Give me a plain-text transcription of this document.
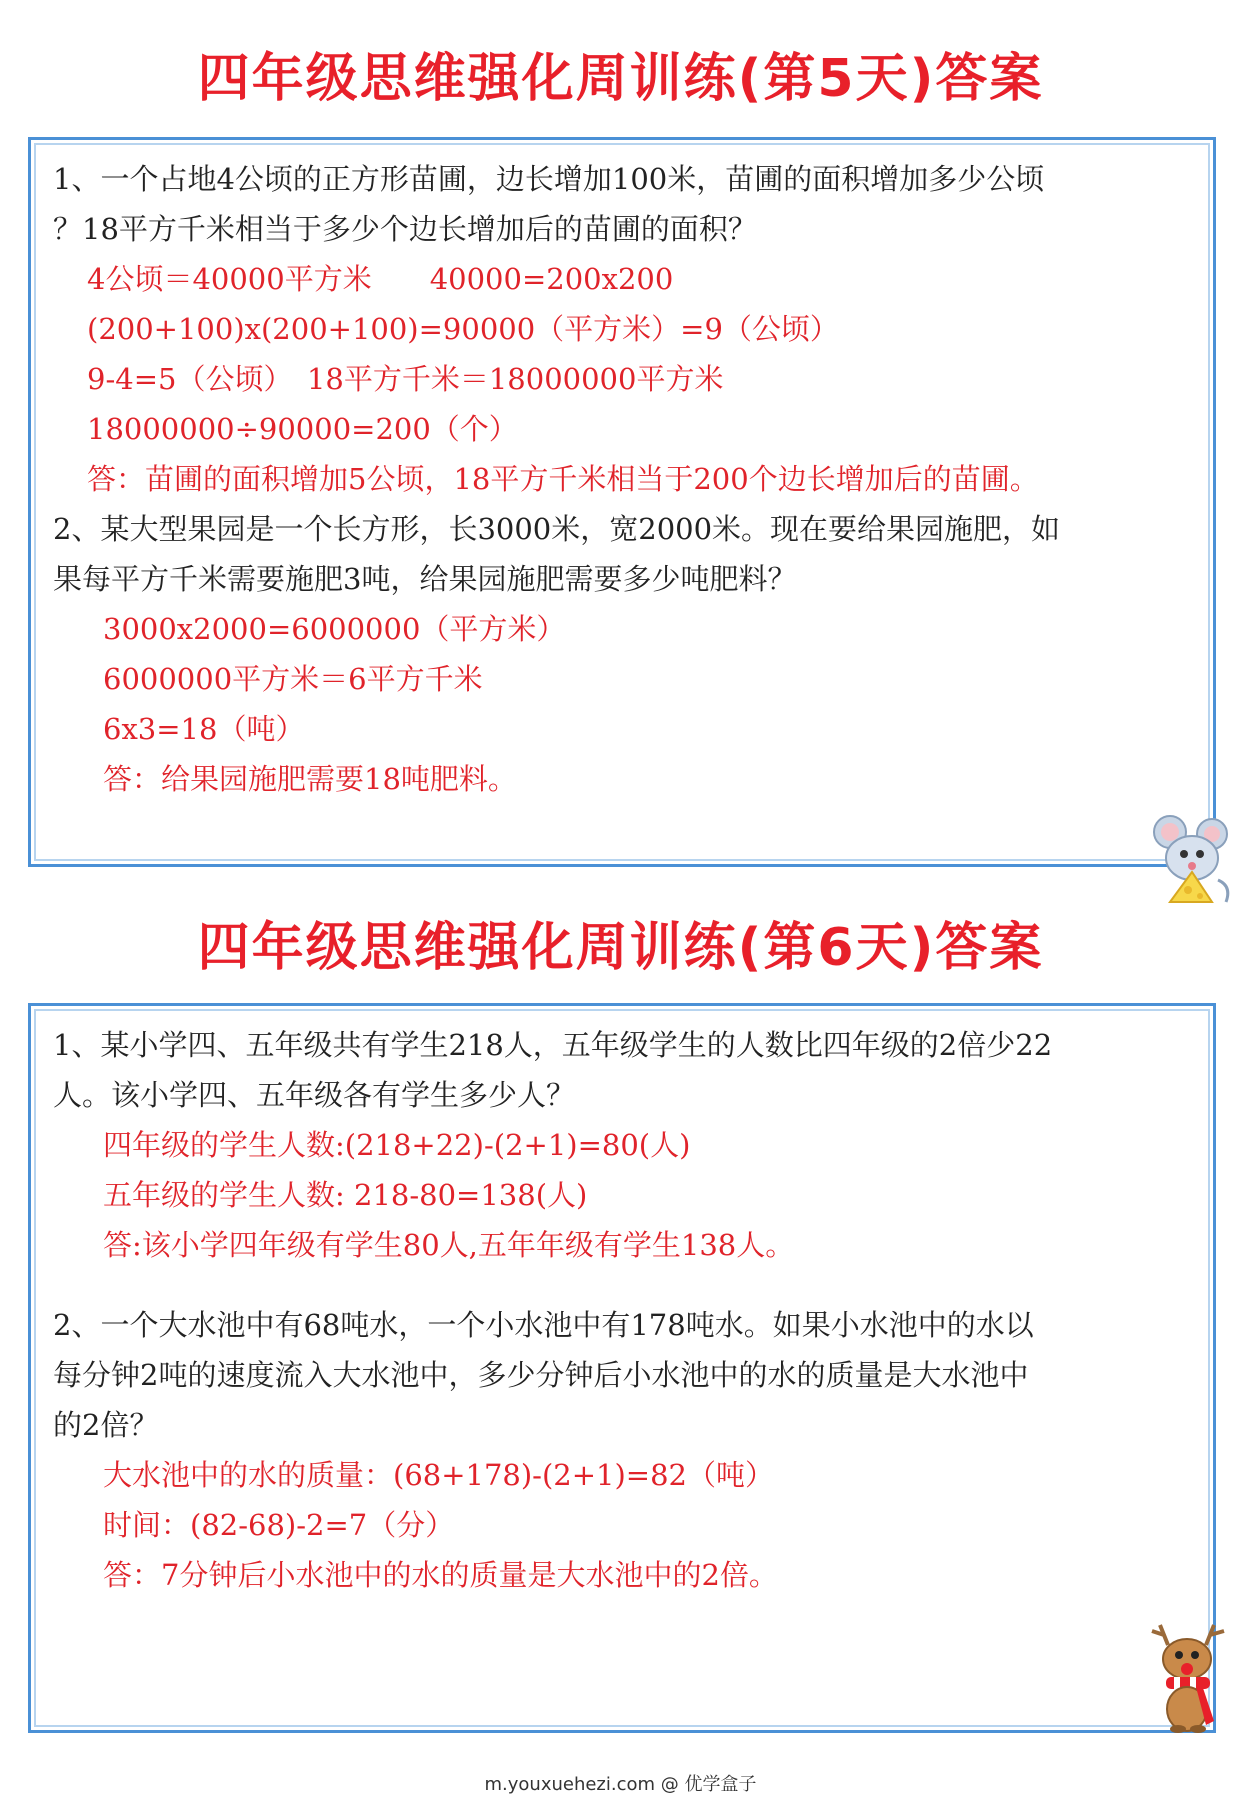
四年级思维强化周训练(第5天)答案
1、一个占地4公顷的正方形苗圃，边长增加100米，苗圃的面积增加多少公顷
？18平方千米相当于多少个边长增加后的苗圃的面积？
4公顷＝40000平方米　　40000=200x200
(200+100)x(200+100)=90000（平方米）=9（公顷）
9-4=5（公顷）　18平方千米＝18000000平方米
18000000÷90000=200（个）
答：苗圃的面积增加5公顷，18平方千米相当于200个边长增加后的苗圃。
2、某大型果园是一个长方形，长3000米，宽2000米。现在要给果园施肥，如
果每平方千米需要施肥3吨，给果园施肥需要多少吨肥料？
3000x2000=6000000（平方米）
6000000平方米＝6平方千米
6x3=18（吨）
答：给果园施肥需要18吨肥料。
四年级思维强化周训练(第6天)答案
1、某小学四、五年级共有学生218人，五年级学生的人数比四年级的2倍少22
人。该小学四、五年级各有学生多少人？
四年级的学生人数:(218+22)-(2+1)=80(人)
五年级的学生人数: 218-80=138(人)
答:该小学四年级有学生80人,五年年级有学生138人。
2、一个大水池中有68吨水，一个小水池中有178吨水。如果小水池中的水以
每分钟2吨的速度流入大水池中，多少分钟后小水池中的水的质量是大水池中
的2倍？
大水池中的水的质量：(68+178)-(2+1)=82（吨）
时间：(82-68)-2=7（分）
答：7分钟后小水池中的水的质量是大水池中的2倍。
m.youxuehezi.com @ 优学盒子
